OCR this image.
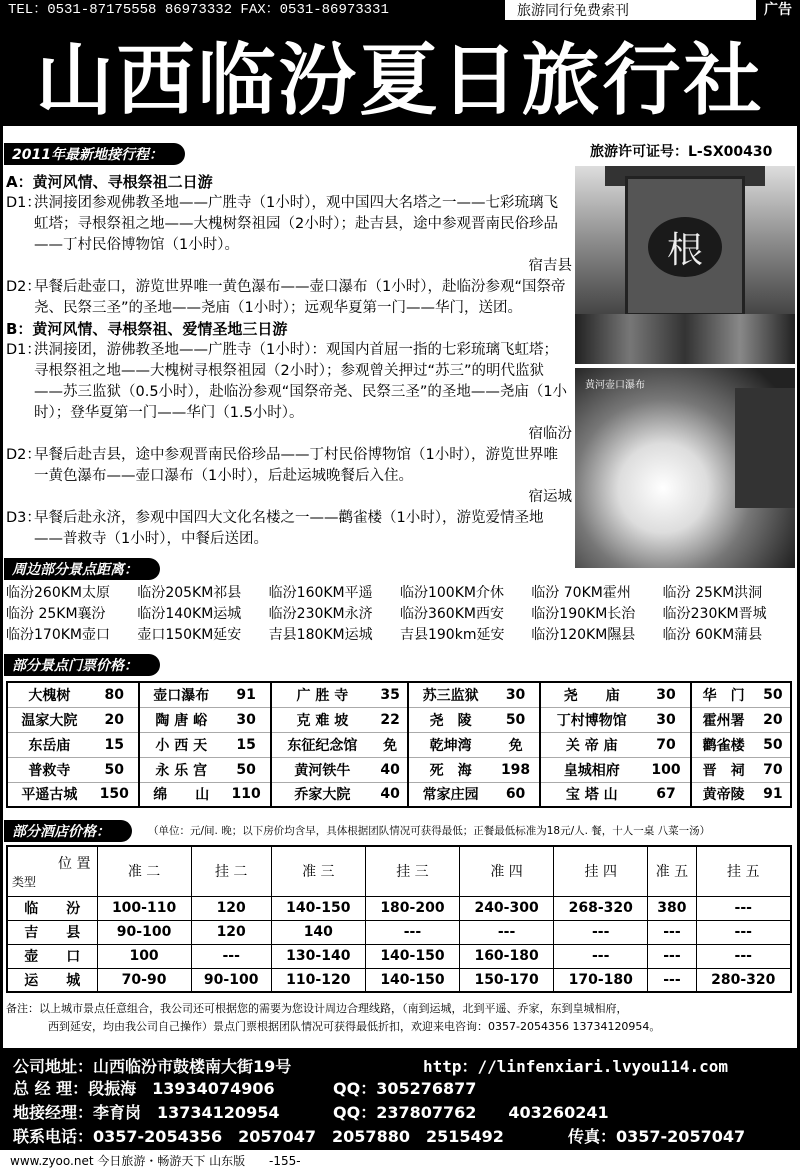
TEL：0531-87175558 86973332 FAX：0531-86973331	旅游同行免费索刊	广告
山西临汾夏日旅行社
2011年最新地接行程：	旅游许可证号：L-SX00430
A：黄河风情、寻根祭祖二日游
D1：
洪洞接团参观佛教圣地——广胜寺（1小时），观中国四大名塔之一——七彩琉璃飞虹塔；寻根祭祖之地——大槐树祭祖园（2小时）；赴吉县，途中参观晋南民俗珍品——丁村民俗博物馆（1小时）。
宿吉县
D2：
早餐后赴壶口，游览世界唯一黄色瀑布——壶口瀑布（1小时），赴临汾参观“国祭帝尧、民祭三圣”的圣地——尧庙（1小时）；远观华夏第一门——华门，送团。
B：黄河风情、寻根祭祖、爱情圣地三日游
D1：
洪洞接团，游佛教圣地——广胜寺（1小时）：观国内首屈一指的七彩琉璃飞虹塔；寻根祭祖之地——大槐树寻根祭祖园（2小时）；参观曾关押过“苏三”的明代监狱——苏三监狱（0.5小时），赴临汾参观“国祭帝尧、民祭三圣”的圣地——尧庙（1小时）；登华夏第一门——华门（1.5小时）。
宿临汾
D2：
早餐后赴吉县，途中参观晋南民俗珍品——丁村民俗博物馆（1小时），游览世界唯一黄色瀑布——壶口瀑布（1小时），后赴运城晚餐后入住。
宿运城
D3：
早餐后赴永济，参观中国四大文化名楼之一——鹳雀楼（1小时），游览爱情圣地——普救寺（1小时），中餐后送团。
根
黄河壶口瀑布
周边部分景点距离：
临汾260KM太原	临汾205KM祁县	临汾160KM平遥	临汾100KM介休	临汾 70KM霍州	临汾 25KM洪洞
临汾 25KM襄汾	临汾140KM运城	临汾230KM永济	临汾360KM西安	临汾190KM长治	临汾230KM晋城
临汾170KM壶口	壶口150KM延安	吉县180KM运城	吉县190km延安	临汾120KM隰县	临汾 60KM蒲县
部分景点门票价格：
大槐树	80	壶口瀑布	91	广 胜 寺	35	苏三监狱	30	尧　　庙	30	华　门	50
温家大院	20	陶 唐 峪	30	克 难 坡	22	尧　陵	50	丁村博物馆	30	霍州署	20
东岳庙	15	小 西 天	15	东征纪念馆	免	乾坤湾	免	关 帝 庙	70	鹳雀楼	50
普救寺	50	永 乐 宫	50	黄河铁牛	40	死　海	198	皇城相府	100	晋　祠	70
平遥古城	150	绵　　山	110	乔家大院	40	常家庄园	60	宝 塔 山	67	黄帝陵	91
部分酒店价格：	（单位：元/间. 晚；以下房价均含早，具体根据团队情况可获得最低；正餐最低标准为18元/人. 餐，十人一桌 八菜一汤）
位 置
类型	准 二	挂 二	准 三	挂 三	准 四	挂 四	准 五	挂 五
临　　汾	100-110	120	140-150	180-200	240-300	268-320	380	---
吉　　县	90-100	120	140	---	---	---	---	---
壶　　口	100	---	130-140	140-150	160-180	---	---	---
运　　城	70-90	90-100	110-120	140-150	150-170	170-180	---	280-320
备注：以上城市景点任意组合，我公司还可根据您的需要为您设计周边合理线路，（南到运城，北到平遥、乔家，东到皇城相府，
西到延安，均由我公司自己操作）景点门票根据团队情况可获得最低折扣，欢迎来电咨询：0357-2054356 13734120954。
公司地址：山西临汾市鼓楼南大街19号	http：//linfenxiari.lvyou114.com
总 经 理：段振海　13934074906	QQ：305276877
地接经理：李育岗　13734120954	QQ：237807762　　403260241
联系电话：0357-2054356　2057047　2057880　2515492	传真：0357-2057047
www.zyoo.net 今日旅游・畅游天下 山东版 -155-
